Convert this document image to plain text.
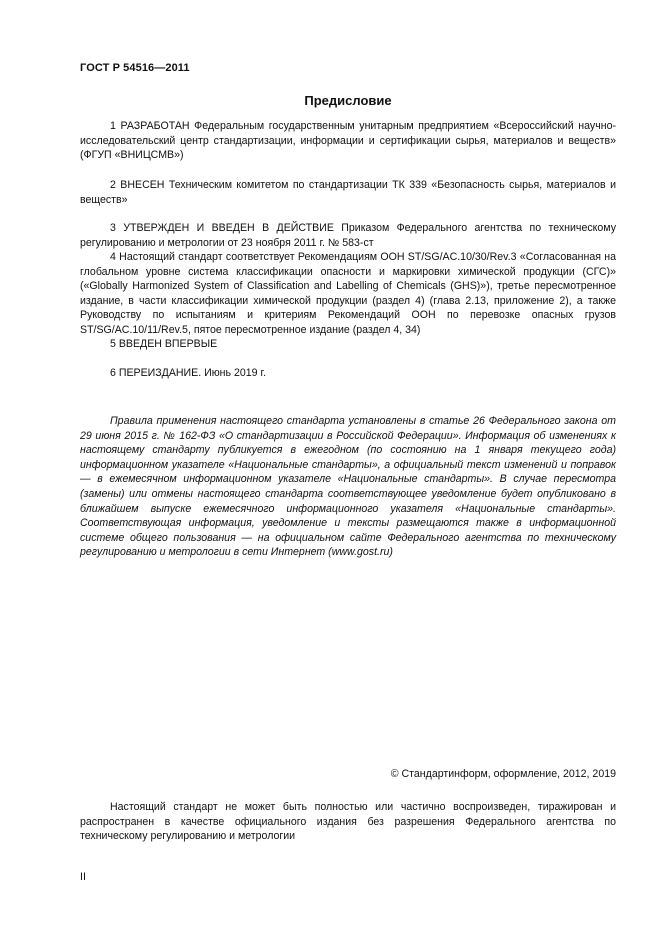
ГОСТ Р 54516—2011
Предисловие

1 РАЗРАБОТАН Федеральным государственным унитарным предприятием «Всероссийский научно-исследовательский центр стандартизации, информации и сертификации сырья, материалов и веществ» (ФГУП «ВНИЦСМВ»)

2 ВНЕСЕН Техническим комитетом по стандартизации ТК 339 «Безопасность сырья, материалов и веществ»

3 УТВЕРЖДЕН И ВВЕДЕН В ДЕЙСТВИЕ Приказом Федерального агентства по техническому регулированию и метрологии от 23 ноября 2011 г. № 583-ст

4 Настоящий стандарт соответствует Рекомендациям ООН ST/SG/AC.10/30/Rev.3 «Согласованная на глобальном уровне система классификации опасности и маркировки химической продукции (СГС)» («Globally Harmonized System of Classification and Labelling of Chemicals (GHS)»), третье пересмотренное издание, в части классификации химической продукции (раздел 4) (глава 2.13, приложение 2), а также Руководству по испытаниям и критериям Рекомендаций ООН по перевозке опасных грузов ST/SG/AC.10/11/Rev.5, пятое пересмотренное издание (раздел 4, 34)

5 ВВЕДЕН ВПЕРВЫЕ

6 ПЕРЕИЗДАНИЕ. Июнь 2019 г.

Правила применения настоящего стандарта установлены в статье 26 Федерального закона от 29 июня 2015 г. № 162-ФЗ «О стандартизации в Российской Федерации». Информация об изменениях к настоящему стандарту публикуется в ежегодном (по состоянию на 1 января текущего года) информационном указателе «Национальные стандарты», а официальный текст изменений и поправок — в ежемесячном информационном указателе «Национальные стандарты». В случае пересмотра (замены) или отмены настоящего стандарта соответствующее уведомление будет опубликовано в ближайшем выпуске ежемесячного информационного указателя «Национальные стандарты». Соответствующая информация, уведомление и тексты размещаются также в информационной системе общего пользования — на официальном сайте Федерального агентства по техническому регулированию и метрологии в сети Интернет (www.gost.ru)

© Стандартинформ, оформление, 2012, 2019

Настоящий стандарт не может быть полностью или частично воспроизведен, тиражирован и распространен в качестве официального издания без разрешения Федерального агентства по техническому регулированию и метрологии

II
